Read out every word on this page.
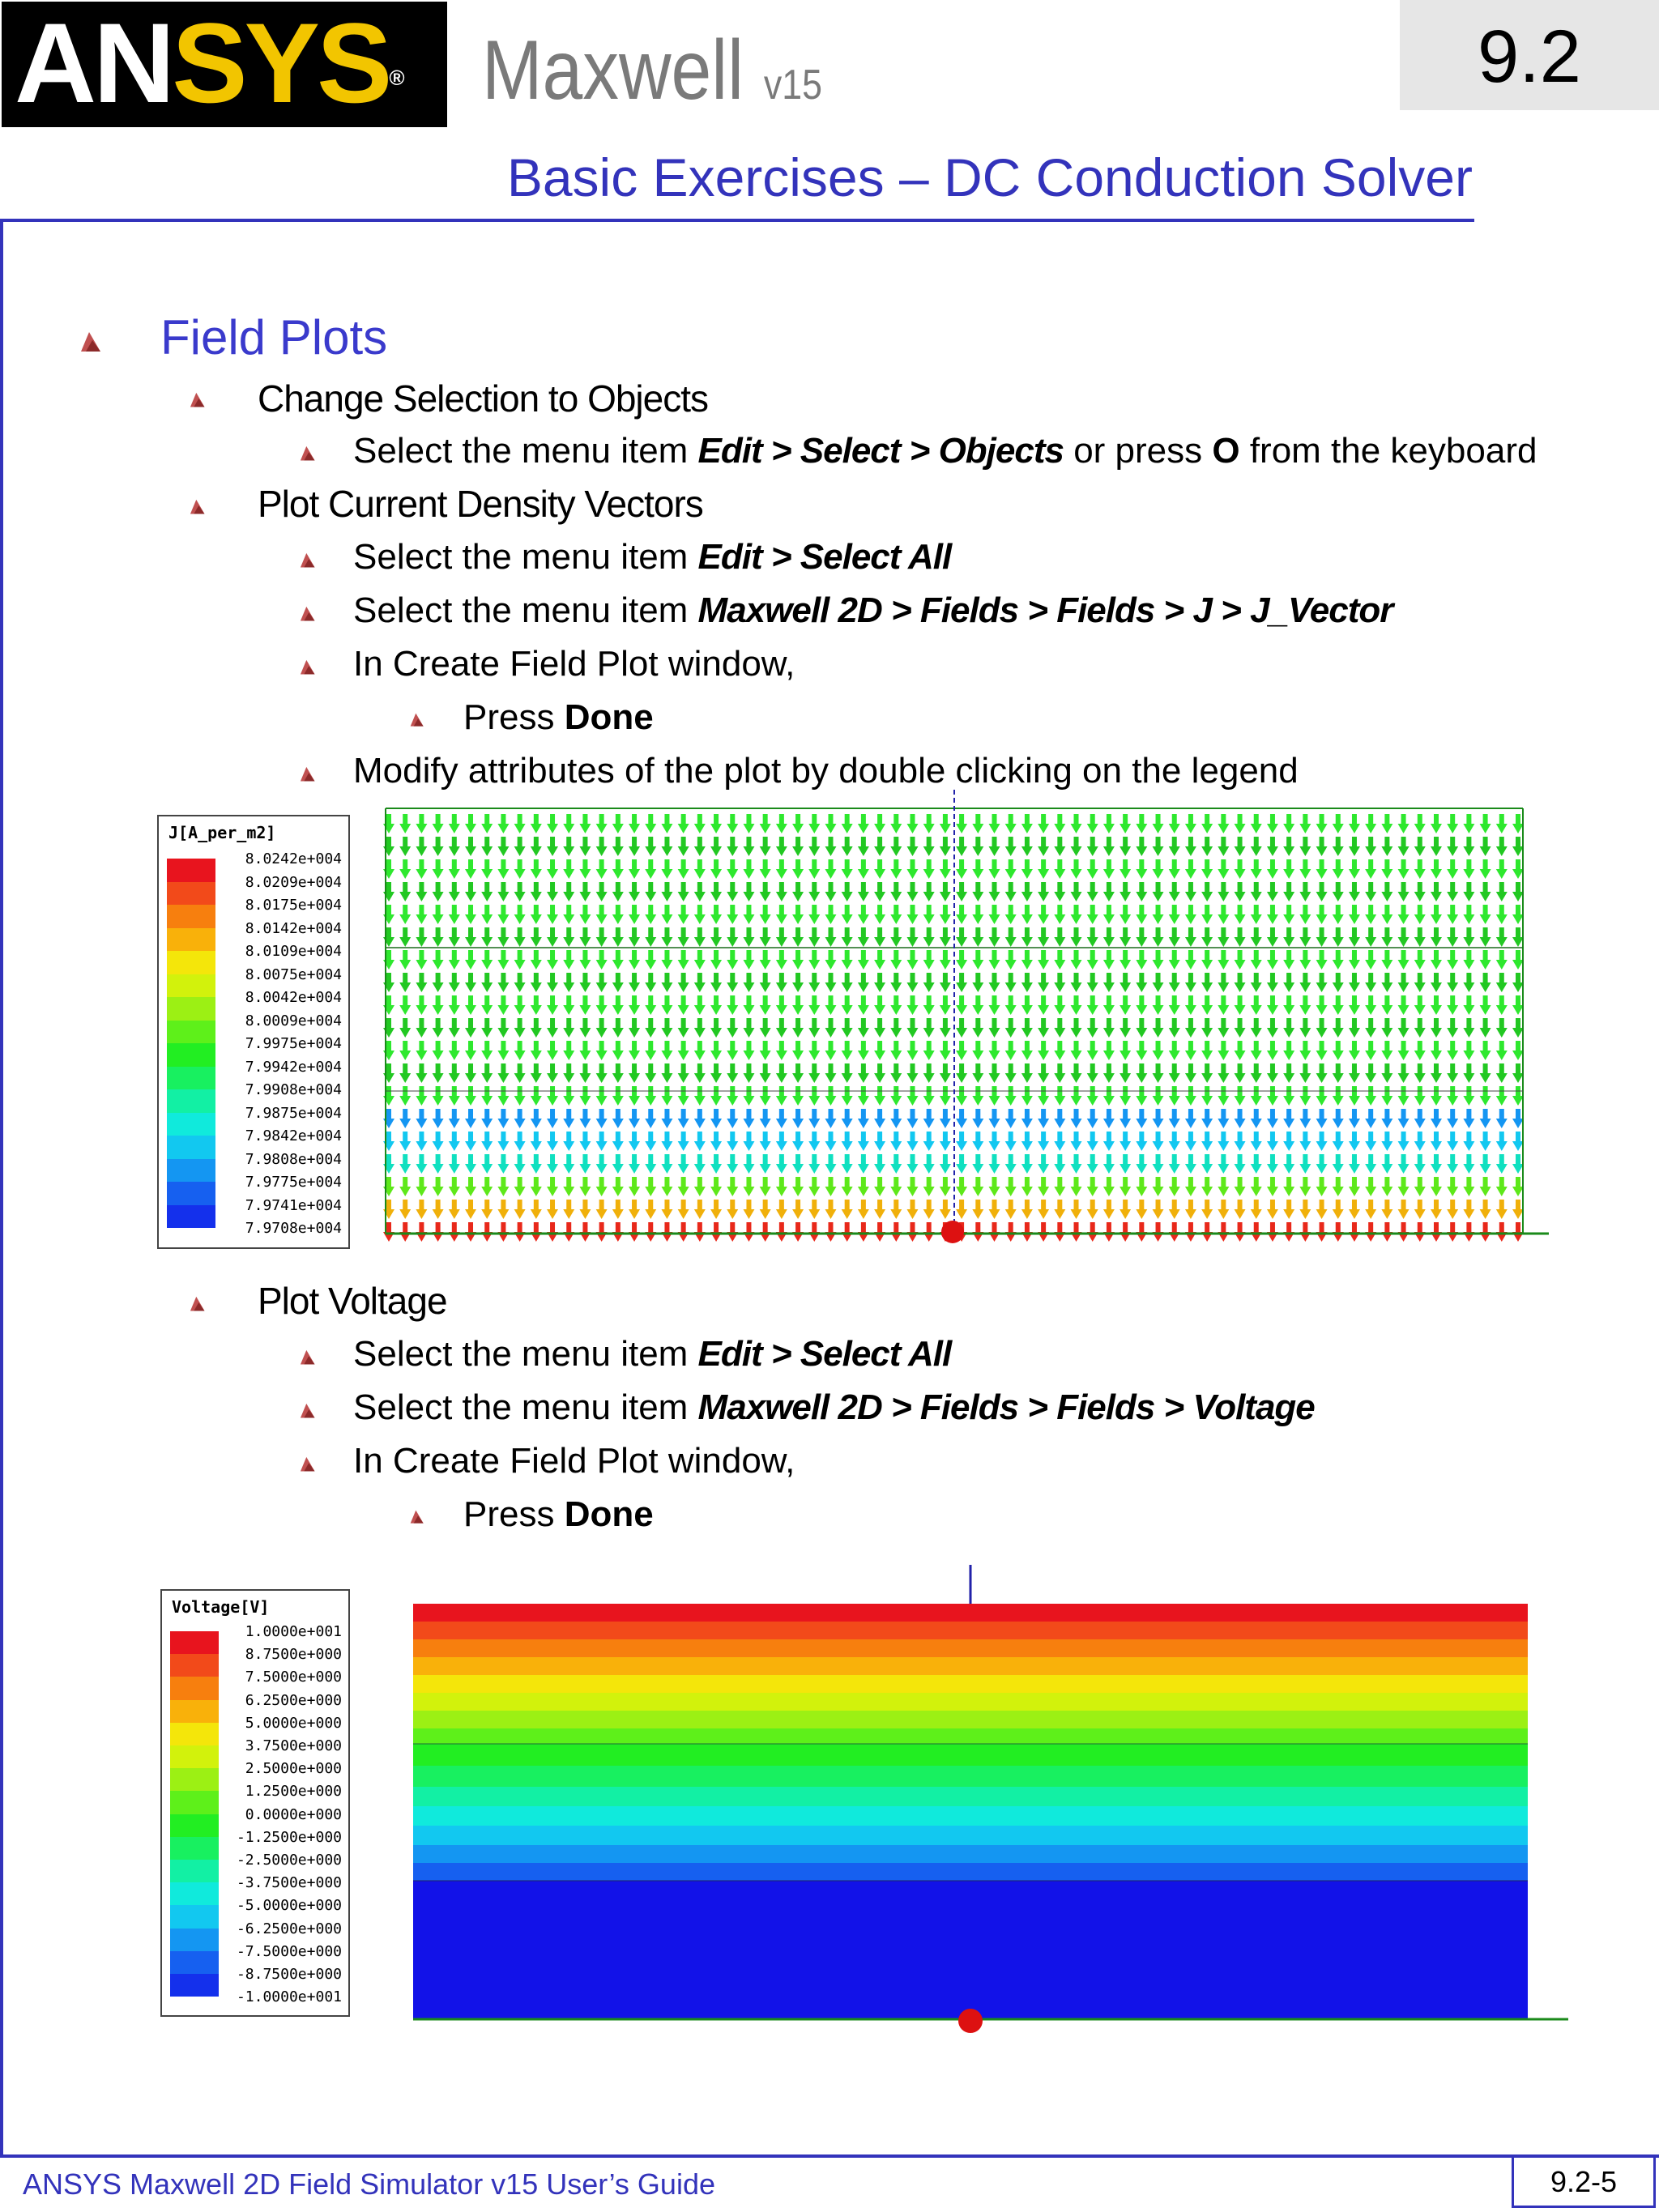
ANSYS® Maxwell v15	9.2
Basic Exercises – DC Conduction Solver
Field Plots
Change Selection to Objects
Select the menu item Edit > Select > Objects or press O from the keyboard
Plot Current Density Vectors
Select the menu item Edit > Select All
Select the menu item Maxwell 2D > Fields > Fields > J > J_Vector
In Create Field Plot window,
Press Done
Modify attributes of the plot by double clicking on the legend
J[A_per_m2]
8.0242e+004
8.0209e+004
8.0175e+004
8.0142e+004
8.0109e+004
8.0075e+004
8.0042e+004
8.0009e+004
7.9975e+004
7.9942e+004
7.9908e+004
7.9875e+004
7.9842e+004
7.9808e+004
7.9775e+004
7.9741e+004
7.9708e+004
Plot Voltage
Select the menu item Edit > Select All
Select the menu item Maxwell 2D > Fields > Fields > Voltage
In Create Field Plot window,
Press Done
Voltage[V]
1.0000e+001
8.7500e+000
7.5000e+000
6.2500e+000
5.0000e+000
3.7500e+000
2.5000e+000
1.2500e+000
0.0000e+000
-1.2500e+000
-2.5000e+000
-3.7500e+000
-5.0000e+000
-6.2500e+000
-7.5000e+000
-8.7500e+000
-1.0000e+001
ANSYS Maxwell 2D Field Simulator v15 User’s Guide	9.2-5
